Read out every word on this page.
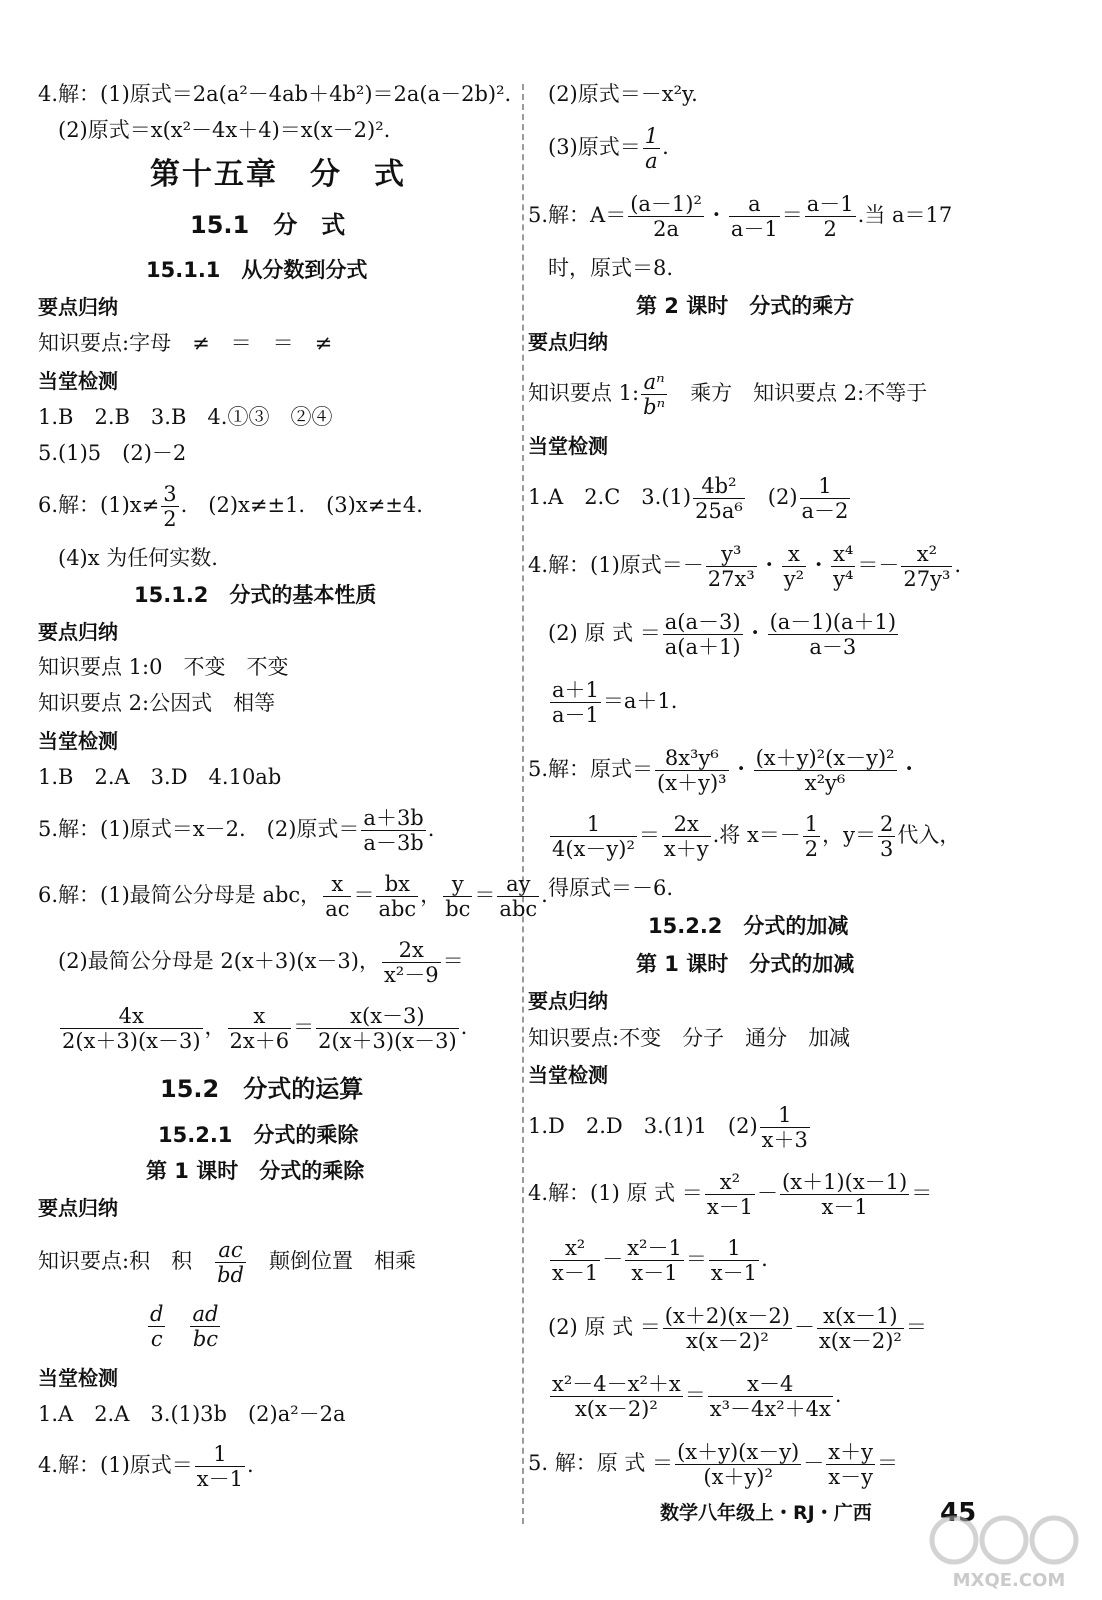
4.解：(1)原式＝2a(a²－4ab＋4b²)＝2a(a－2b)².
(2)原式＝x(x²－4x＋4)＝x(x－2)².
第十五章　分　式
15.1　分　式
15.1.1　从分数到分式
要点归纳
知识要点:字母　≠　＝　＝　≠
当堂检测
1.B　2.B　3.B　4.①③　②④
5.(1)5　(2)－2
6.解：$(1)x\ne \frac{3}{2}$ .　(2)x≠±1.　(3)x≠±4.
(4)x 为任何实数.
15.1.2　分式的基本性质
要点归纳
知识要点 1:0　不变　不变
知识要点 2:公因式　相等
当堂检测
1.B　2.A　3.D　4.10ab
5.解：(1)原式＝x－2.　(2)原式＝ $\frac{a+3b}{a-3b}$ .
6.解：(1)最简公分母是 abc， $\frac{x}{ac} = \frac{bx}{\text{abc}}$ ， $\frac{y}{bc} = \frac{ay}{\text{abc}}$ .
(2)最简公分母是 2(x＋3)(x－3)， $\frac{2x}{\text{x²－9}}$ ＝
$\frac{4x}{2(x+3)(x-3)}$ ， $\frac{x}{2x+6} = \frac{x(x-3)}{2(x+3)(x-3)}$ .
15.2　分式的运算
15.2.1　分式的乘除
第 1 课时　分式的乘除
要点归纳
知识要点:积　积　 $\frac{ac}{bd}$
　 颠倒位置　相乘
$\frac{d}{c}$
　 $\frac{ad}{bc}$
当堂检测
1.A　2.A　3.(1)3b　(2)a²－2a
4.解：(1)原式＝ $\frac{1}{x-1}$ .
(2)原式＝－x²y.
(3)原式＝ $\frac{1}{a}$ .
5.解：$A= \frac{\text{(a－1)²}}{2a}$ ・ $\frac{a}{a-1} = \frac{a-1}{2}$ .当 a＝17
时，原式＝8.
第 2 课时　分式的乘方
要点归纳
知识要点 1: $\frac{\text{aⁿ}}{\text{bⁿ}}$
　 乘方　知识要点 2:不等于
当堂检测
1.A　2.C　$3.(1) \frac{\text{4b²}}{\text{25a⁶}}$
　 $(2) \frac{1}{a-2}$
4.解：(1)原式＝－ $\frac{\text{y³}}{\text{27x³}}$ ・ $\frac{x}{\text{y²}}$ ・ $\frac{\text{x⁴}}{\text{y⁴}} =- \frac{\text{x²}}{\text{27y³}}$ .
(2) 原 式 ＝ $\frac{a(a-3)}{a(a+1)}$ ・ $\frac{(a-1)(a+1)}{a-3}$
$\frac{a+1}{a-1} =a+1$.
5.解：原式＝ $\frac{\text{8x³y⁶}}{\text{(x＋y)³}}$ ・ $\frac{\text{(x＋y)²(x－y)²}}{\text{x²y⁶}}$ ・
$\frac{1}{\text{4(x－y)²}} = \frac{2x}{x+y}$ .将 $x=- \frac{1}{2}$ ，$y= \frac{2}{3}$ 代入，
得原式＝－6.
15.2.2　分式的加减
第 1 课时　分式的加减
要点归纳
知识要点:不变　分子　通分　加减
当堂检测
1.D　2.D　3.(1)1　$(2) \frac{1}{x+3}$
4.解：(1) 原 式 ＝ $\frac{\text{x²}}{x-1} - \frac{(x+1)(x-1)}{x-1}$ ＝
$\frac{\text{x²}}{x-1} - \frac{\text{x²－1}}{x-1} = \frac{1}{x-1}$ .
(2) 原 式 ＝ $\frac{(x+2)(x-2)}{\text{x(x－2)²}} - \frac{x(x-1)}{\text{x(x－2)²}}$ ＝
$\frac{\text{x²－4－x²＋x}}{\text{x(x－2)²}} = \frac{x-4}{\text{x³－4x²＋4x}}$ .
5. 解：原 式 ＝ $\frac{(x+y)(x-y)}{\text{(x＋y)²}} - \frac{x+y}{x-y}$ ＝
数学八年级上・RJ・广西	45
MXQE.COM
